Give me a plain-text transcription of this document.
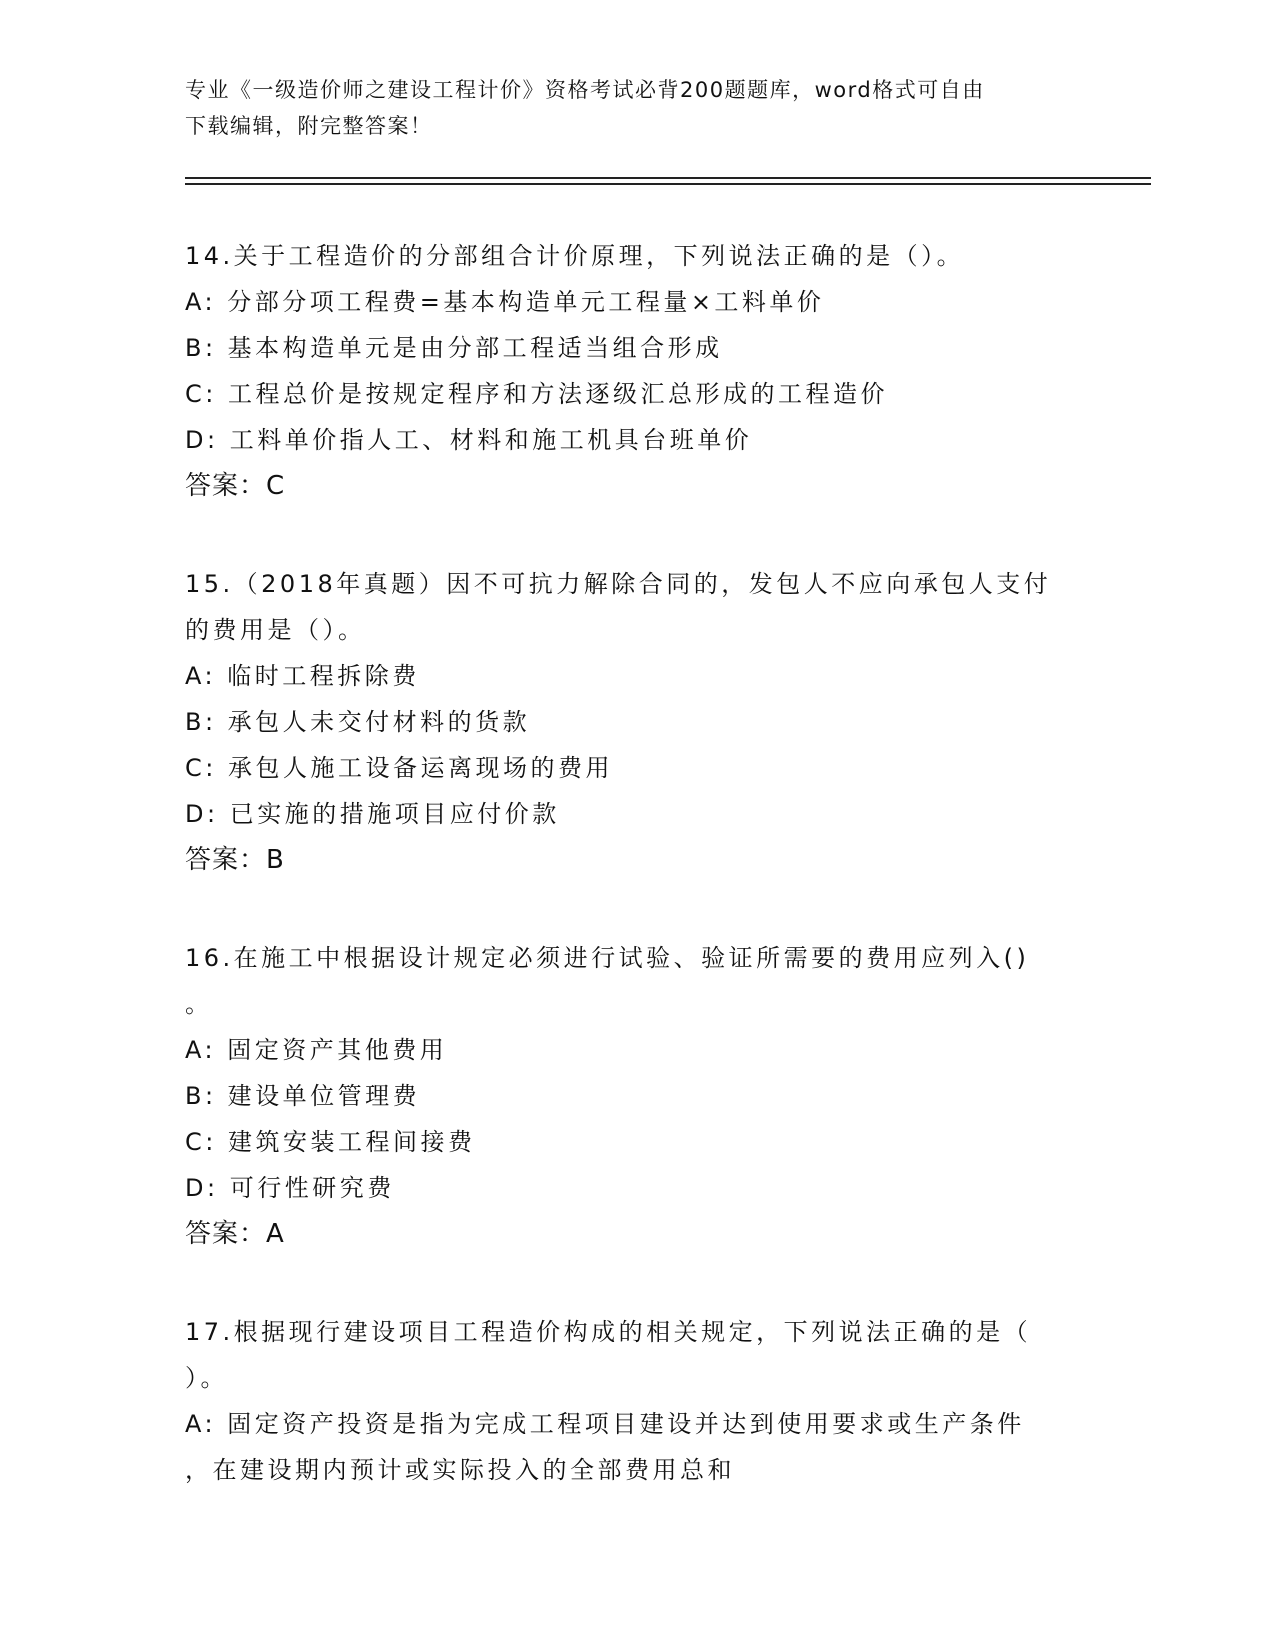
专业《一级造价师之建设工程计价》资格考试必背200题题库，word格式可自由
下载编辑，附完整答案！
14.关于工程造价的分部组合计价原理，下列说法正确的是（）。
A: 分部分项工程费=基本构造单元工程量×工料单价
B: 基本构造单元是由分部工程适当组合形成
C: 工程总价是按规定程序和方法逐级汇总形成的工程造价
D: 工料单价指人工、材料和施工机具台班单价
答案：C
15.（2018年真题）因不可抗力解除合同的，发包人不应向承包人支付
的费用是（）。
A: 临时工程拆除费
B: 承包人未交付材料的货款
C: 承包人施工设备运离现场的费用
D: 已实施的措施项目应付价款
答案：B
16.在施工中根据设计规定必须进行试验、验证所需要的费用应列入()
。
A: 固定资产其他费用
B: 建设单位管理费
C: 建筑安装工程间接费
D: 可行性研究费
答案：A
17.根据现行建设项目工程造价构成的相关规定，下列说法正确的是（
）。
A: 固定资产投资是指为完成工程项目建设并达到使用要求或生产条件
，在建设期内预计或实际投入的全部费用总和
